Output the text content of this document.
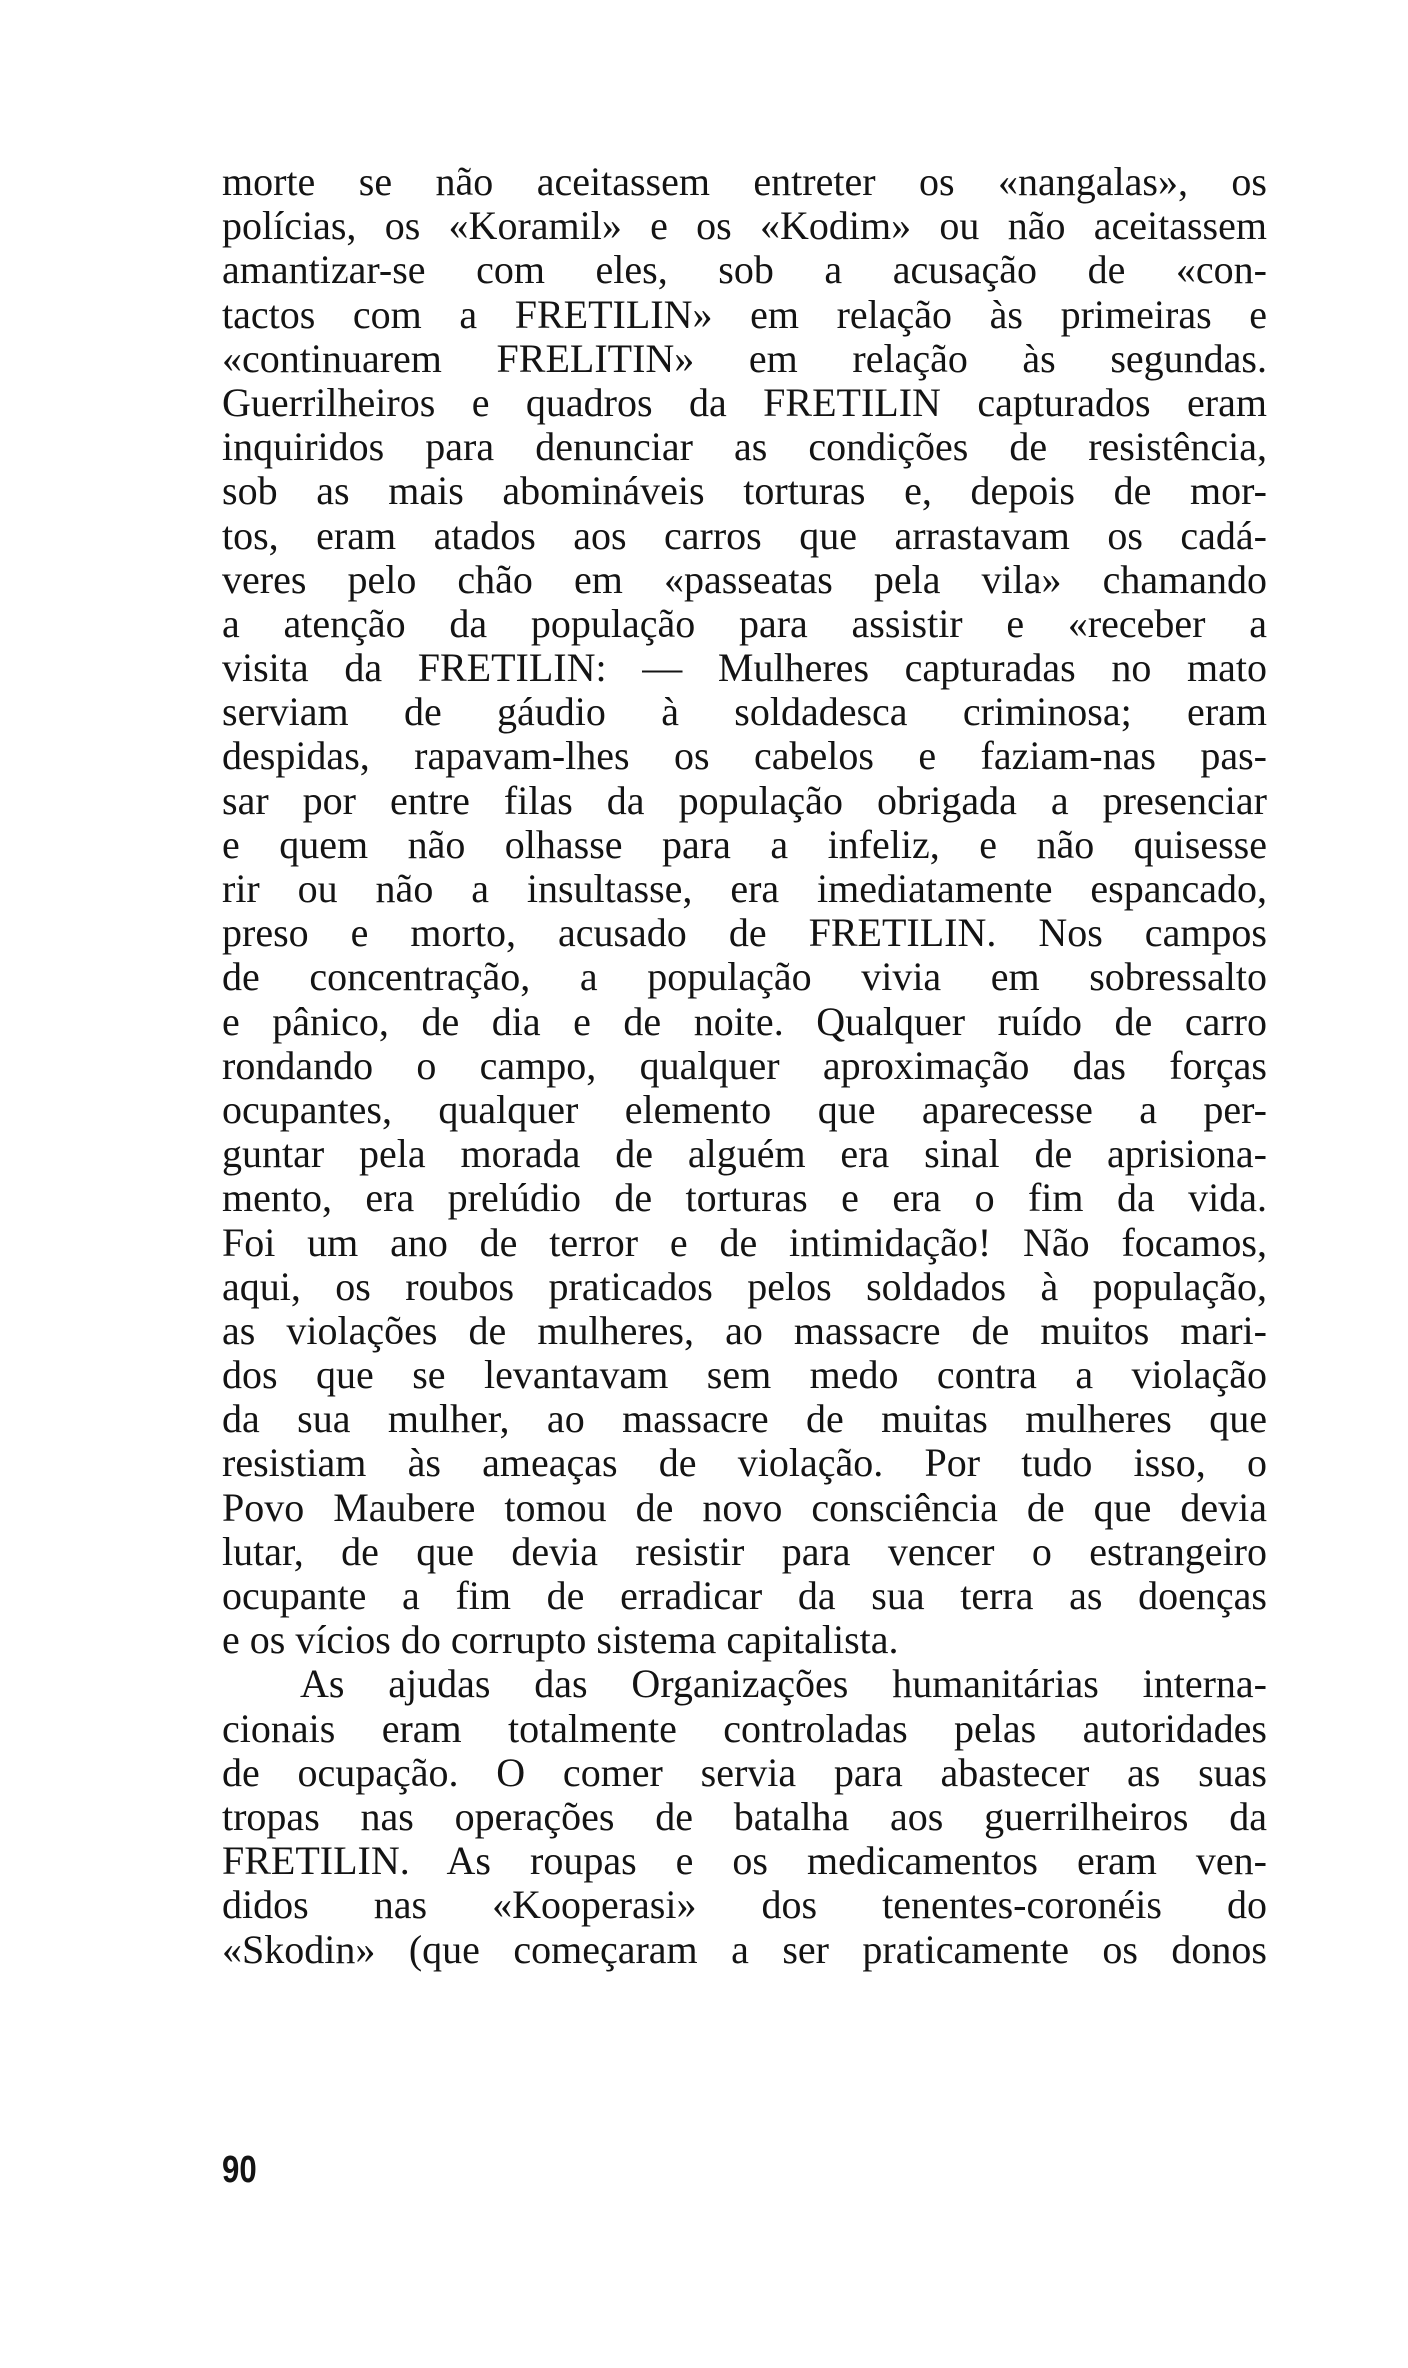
morte se não aceitassem entreter os «nangalas», os
polícias, os «Koramil» e os «Kodim» ou não aceitassem
amantizar-se com eles, sob a acusação de «con-
tactos com a FRETILIN» em relação às primeiras e
«continuarem FRELITIN» em relação às segundas.
Guerrilheiros e quadros da FRETILIN capturados eram
inquiridos para denunciar as condições de resistência,
sob as mais abomináveis torturas e, depois de mor-
tos, eram atados aos carros que arrastavam os cadá-
veres pelo chão em «passeatas pela vila» chamando
a atenção da população para assistir e «receber a
visita da FRETILIN: — Mulheres capturadas no mato
serviam de gáudio à soldadesca criminosa; eram
despidas, rapavam-lhes os cabelos e faziam-nas pas-
sar por entre filas da população obrigada a presenciar
e quem não olhasse para a infeliz, e não quisesse
rir ou não a insultasse, era imediatamente espancado,
preso e morto, acusado de FRETILIN. Nos campos
de concentração, a população vivia em sobressalto
e pânico, de dia e de noite. Qualquer ruído de carro
rondando o campo, qualquer aproximação das forças
ocupantes, qualquer elemento que aparecesse a per-
guntar pela morada de alguém era sinal de aprisiona-
mento, era prelúdio de torturas e era o fim da vida.
Foi um ano de terror e de intimidação! Não focamos,
aqui, os roubos praticados pelos soldados à população,
as violações de mulheres, ao massacre de muitos mari-
dos que se levantavam sem medo contra a violação
da sua mulher, ao massacre de muitas mulheres que
resistiam às ameaças de violação. Por tudo isso, o
Povo Maubere tomou de novo consciência de que devia
lutar, de que devia resistir para vencer o estrangeiro
ocupante a fim de erradicar da sua terra as doenças
e os vícios do corrupto sistema capitalista.
As ajudas das Organizações humanitárias interna-
cionais eram totalmente controladas pelas autoridades
de ocupação. O comer servia para abastecer as suas
tropas nas operações de batalha aos guerrilheiros da
FRETILIN. As roupas e os medicamentos eram ven-
didos nas «Kooperasi» dos tenentes-coronéis do
«Skodin» (que começaram a ser praticamente os donos
90
